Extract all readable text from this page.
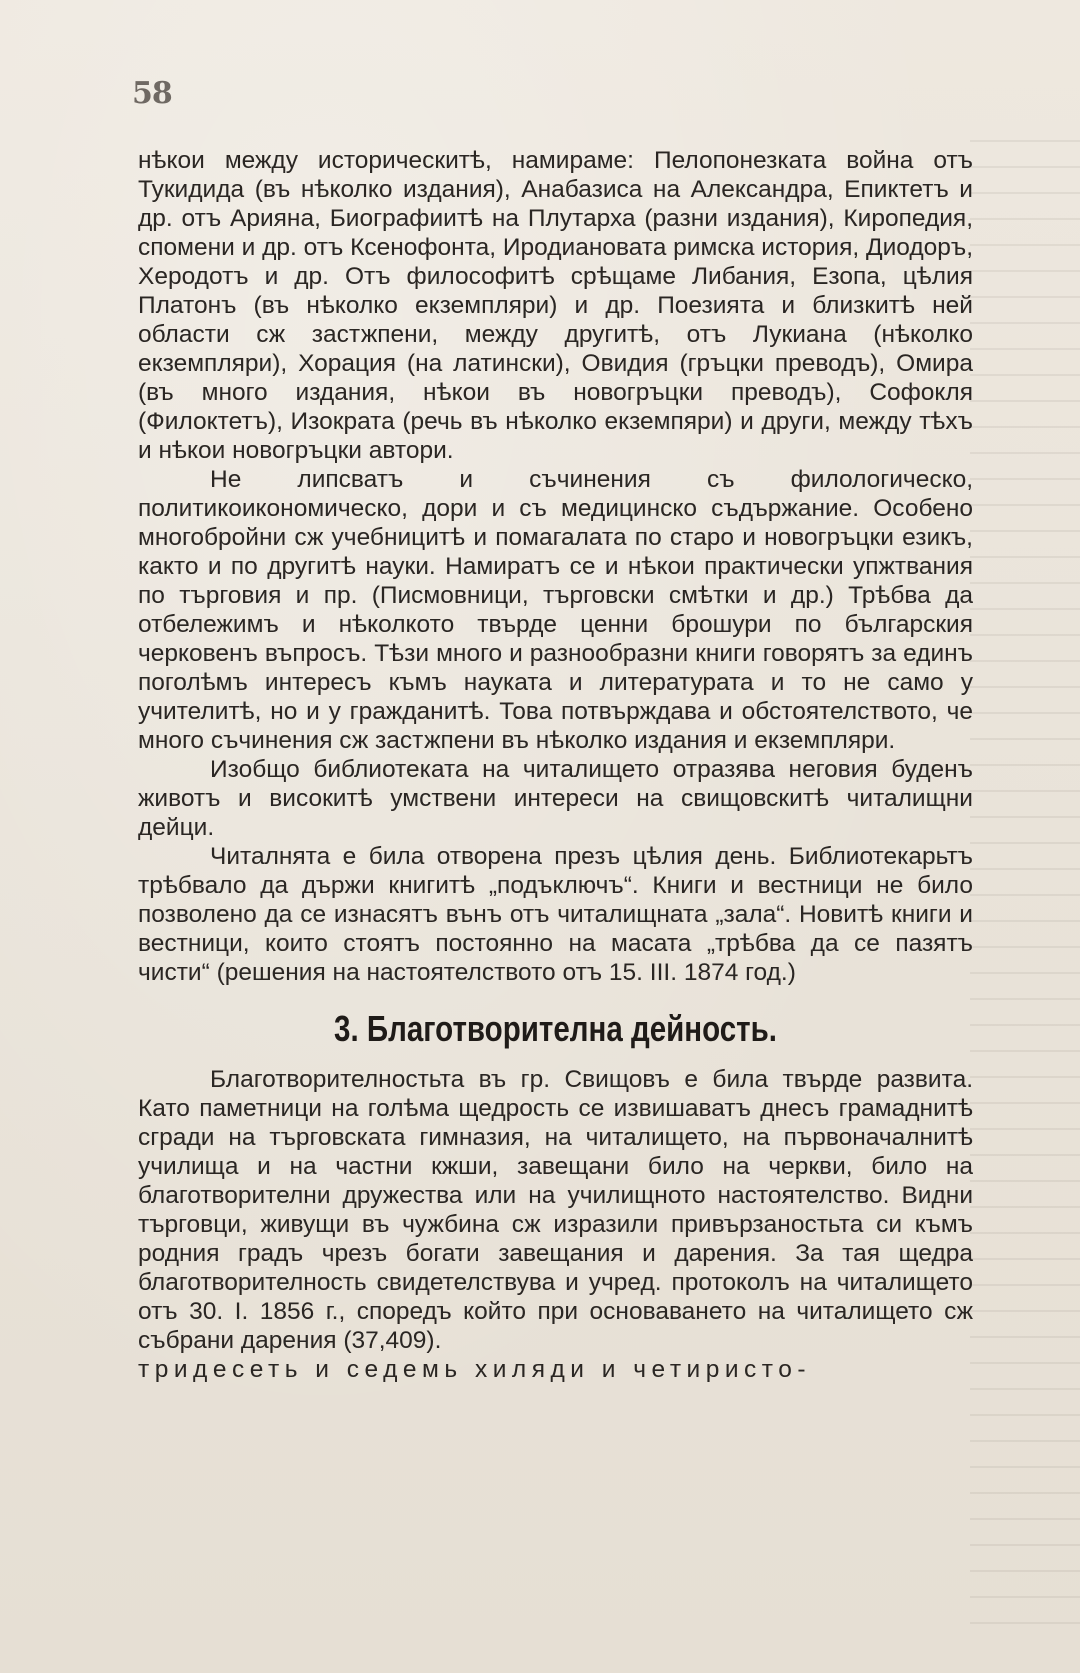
58

нѣкои между историческитѣ, намираме: Пелопонезката война отъ Тукидида (въ нѣколко издания), Анабазиса на Александра, Епиктетъ и др. отъ Арияна, Биографиитѣ на Плутарха (разни издания), Киропедия, спомени и др. отъ Ксенофонта, Иродиановата римска история, Диодоръ, Херодотъ и др. Отъ философитѣ срѣщаме Либания, Езопа, цѣлия Платонъ (въ нѣколко екземпляри) и др. Поезията и близкитѣ ней области сж застжпени, между другитѣ, отъ Лукиана (нѣколко екземпляри), Хорация (на латински), Овидия (гръцки преводъ), Омира (въ много издания, нѣкои въ новогръцки преводъ), Софокля (Филоктетъ), Изократа (речь въ нѣколко екземпяри) и други, между тѣхъ и нѣкои новогръцки автори.

Не липсватъ и съчинения съ филологическо, политикоикономическо, дори и съ медицинско съдържание. Особено многобройни сж учебницитѣ и помагалата по старо и новогръцки езикъ, както и по другитѣ науки. Намиратъ се и нѣкои практически упжтвания по търговия и пр. (Писмовници, търговски смѣтки и др.) Трѣбва да отбележимъ и нѣколкото твърде ценни брошури по българския черковенъ въпросъ. Тѣзи много и разнообразни книги говорятъ за единъ поголѣмъ интересъ къмъ науката и литературата и то не само у учителитѣ, но и у гражданитѣ. Това потвърждава и обстоятелството, че много съчинения сж застжпени въ нѣколко издания и екземпляри.

Изобщо библиотеката на читалището отразява неговия буденъ животъ и високитѣ умствени интереси на свищовскитѣ читалищни дейци.

Читалнята е била отворена презъ цѣлия день. Библиотекарьтъ трѣбвало да държи книгитѣ „подъключъ“. Книги и вестници не било позволено да се изнасятъ вънъ отъ читалищната „зала“. Новитѣ книги и вестници, които стоятъ постоянно на масата „трѣбва да се пазятъ чисти“ (решения на настоятелството отъ 15. III. 1874 год.)

3. Благотворителна дейность.

Благотворителностьта въ гр. Свищовъ е била твърде развита. Като паметници на голѣма щедрость се извишаватъ днесъ грамаднитѣ сгради на търговската гимназия, на читалището, на първоначалнитѣ училища и на частни кжши, завещани било на черкви, било на благотворителни дружества или на училищното настоятелство. Видни търговци, живущи въ чужбина сж изразили привързаностьта си къмъ родния градъ чрезъ богати завещания и дарения. За тая щедра благотворителность свидетелствува и учред. протоколъ на читалището отъ 30. I. 1856 г., споредъ който при основаването на читалището сж събрани дарения (37,409).

тридесеть и седемь хиляди и четиристо-
